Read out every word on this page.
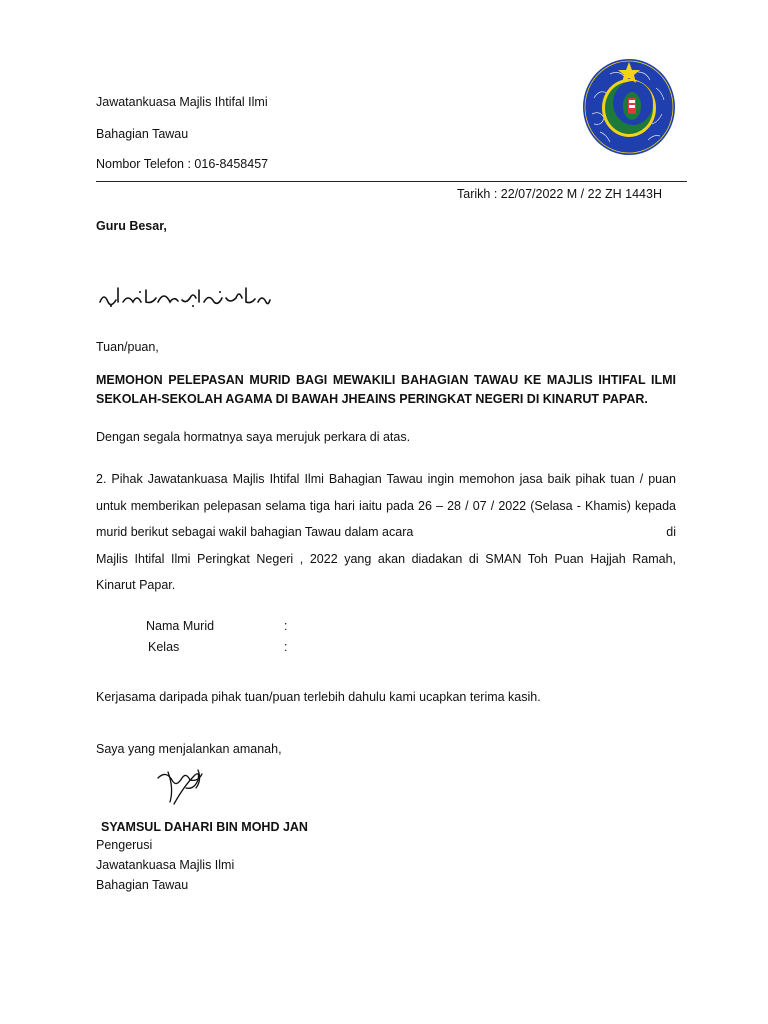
Jawatankuasa Majlis Ihtifal Ilmi
Bahagian Tawau
Nombor Telefon : 016-8458457
Tarikh : 22/07/2022 M / 22 ZH 1443H
Guru Besar,
Tuan/puan,
MEMOHON PELEPASAN MURID BAGI MEWAKILI BAHAGIAN TAWAU KE MAJLIS IHTIFAL ILMI SEKOLAH-SEKOLAH AGAMA DI BAWAH JHEAINS PERINGKAT NEGERI DI KINARUT PAPAR.
Dengan segala hormatnya saya merujuk perkara di atas.
2. Pihak Jawatankuasa Majlis Ihtifal Ilmi Bahagian Tawau ingin memohon jasa baik pihak tuan / puan
untuk memberikan pelepasan selama tiga hari iaitu pada 26 – 28 / 07 / 2022 (Selasa - Khamis) kepada
murid berikut sebagai wakil bahagian Tawau dalam acara	di
Majlis Ihtifal Ilmi Peringkat Negeri , 2022 yang akan diadakan di SMAN Toh Puan Hajjah Ramah,
Kinarut Papar.
Nama Murid	:
Kelas	:
Kerjasama daripada pihak tuan/puan terlebih dahulu kami ucapkan terima kasih.
Saya yang menjalankan amanah,
SYAMSUL DAHARI BIN MOHD JAN
Pengerusi
Jawatankuasa Majlis Ilmi
Bahagian Tawau
